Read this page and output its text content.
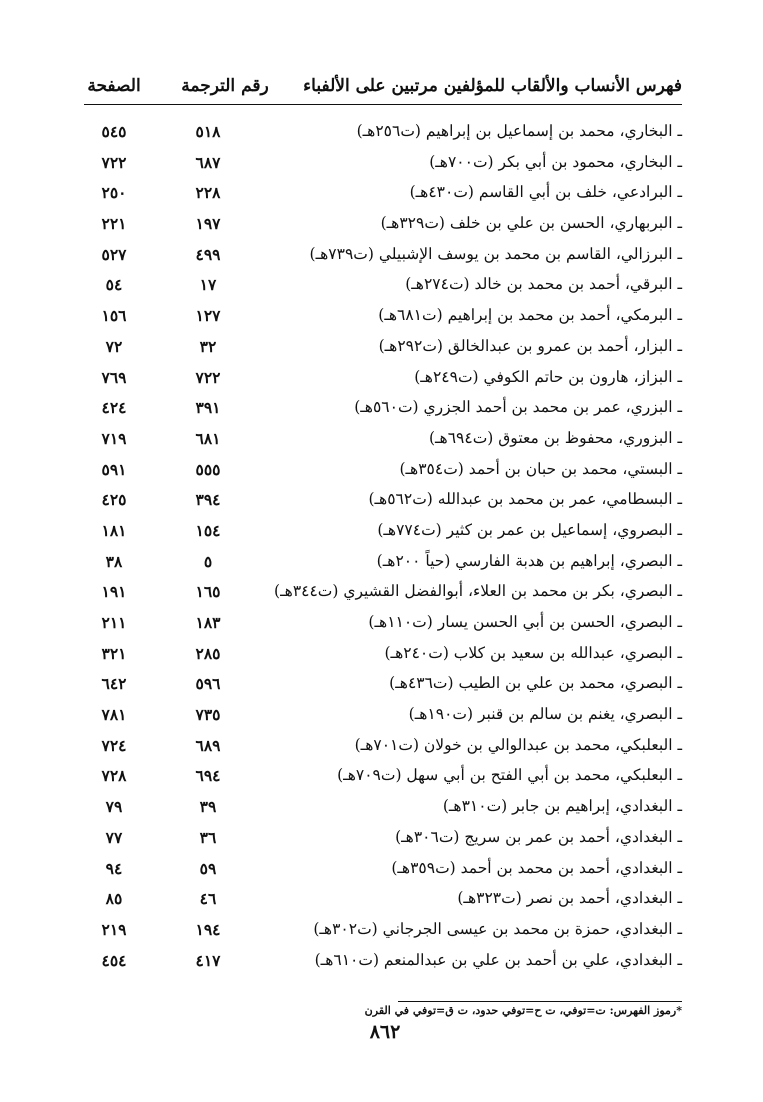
فهرس الأنساب والألقاب للمؤلفين مرتبين على الألفباء
رقم الترجمة
الصفحة
ـ البخاري، محمد بن إسماعيل بن إبراهيم (ت٢٥٦هـ)
٥١٨
٥٤٥
ـ البخاري، محمود بن أبي بكر (ت٧٠٠هـ)
٦٨٧
٧٢٢
ـ البرادعي، خلف بن أبي القاسم (ت٤٣٠هـ)
٢٢٨
٢٥٠
ـ البربهاري، الحسن بن علي بن خلف (ت٣٢٩هـ)
١٩٧
٢٢١
ـ البرزالي، القاسم بن محمد بن يوسف الإشبيلي (ت٧٣٩هـ)
٤٩٩
٥٢٧
ـ البرقي، أحمد بن محمد بن خالد (ت٢٧٤هـ)
١٧
٥٤
ـ البرمكي، أحمد بن محمد بن إبراهيم (ت٦٨١هـ)
١٢٧
١٥٦
ـ البزار، أحمد بن عمرو بن عبدالخالق (ت٢٩٢هـ)
٣٢
٧٢
ـ البزاز، هارون بن حاتم الكوفي (ت٢٤٩هـ)
٧٢٢
٧٦٩
ـ البزري، عمر بن محمد بن أحمد الجزري (ت٥٦٠هـ)
٣٩١
٤٢٤
ـ البزوري، محفوظ بن معتوق (ت٦٩٤هـ)
٦٨١
٧١٩
ـ البستي، محمد بن حبان بن أحمد (ت٣٥٤هـ)
٥٥٥
٥٩١
ـ البسطامي، عمر بن محمد بن عبدالله (ت٥٦٢هـ)
٣٩٤
٤٢٥
ـ البصروي، إسماعيل بن عمر بن كثير (ت٧٧٤هـ)
١٥٤
١٨١
ـ البصري، إبراهيم بن هدبة الفارسي (حياً ٢٠٠هـ)
٥
٣٨
ـ البصري، بكر بن محمد بن العلاء، أبوالفضل القشيري (ت٣٤٤هـ)
١٦٥
١٩١
ـ البصري، الحسن بن أبي الحسن يسار (ت١١٠هـ)
١٨٣
٢١١
ـ البصري، عبدالله بن سعيد بن كلاب (ت٢٤٠هـ)
٢٨٥
٣٢١
ـ البصري، محمد بن علي بن الطيب (ت٤٣٦هـ)
٥٩٦
٦٤٢
ـ البصري، يغنم بن سالم بن قنبر (ت١٩٠هـ)
٧٣٥
٧٨١
ـ البعلبكي، محمد بن عبدالوالي بن خولان (ت٧٠١هـ)
٦٨٩
٧٢٤
ـ البعلبكي، محمد بن أبي الفتح بن أبي سهل (ت٧٠٩هـ)
٦٩٤
٧٢٨
ـ البغدادي، إبراهيم بن جابر (ت٣١٠هـ)
٣٩
٧٩
ـ البغدادي، أحمد بن عمر بن سريج (ت٣٠٦هـ)
٣٦
٧٧
ـ البغدادي، أحمد بن محمد بن أحمد (ت٣٥٩هـ)
٥٩
٩٤
ـ البغدادي، أحمد بن نصر (ت٣٢٣هـ)
٤٦
٨٥
ـ البغدادي، حمزة بن محمد بن عيسى الجرجاني (ت٣٠٢هـ)
١٩٤
٢١٩
ـ البغدادي، علي بن أحمد بن علي بن عبدالمنعم (ت٦١٠هـ)
٤١٧
٤٥٤
*رموز الفهرس: ت=توفي، ت ح=توفي حدود، ت ق=توفي في القرن
٨٦٢
